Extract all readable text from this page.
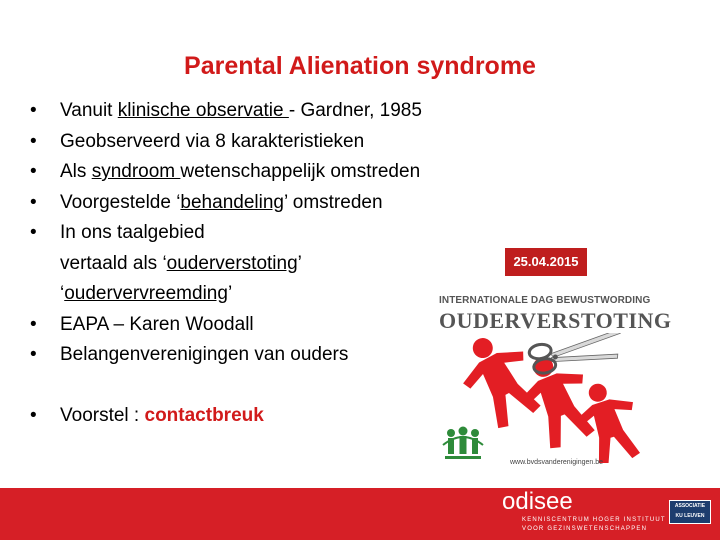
Parental Alienation syndrome
• Vanuit klinische observatie - Gardner, 1985
• Geobserveerd via 8 karakteristieken
• Als syndroom wetenschappelijk omstreden
• Voorgestelde ‘behandeling’ omstreden
• In ons taalgebied
vertaald als ‘ouderverstoting’
‘oudervervreemding’
• EAPA – Karen Woodall
• Belangenverenigingen van ouders
• Voorstel : contactbreuk
25.04.2015
INTERNATIONALE DAG BEWUSTWORDING
OUDERVERSTOTING
www.bvdsvanderenigingen.be
odisee
KENNISCENTRUM HOGER INSTITUUT
VOOR GEZINSWETENSCHAPPEN
ASSOCIATIE
KU LEUVEN
